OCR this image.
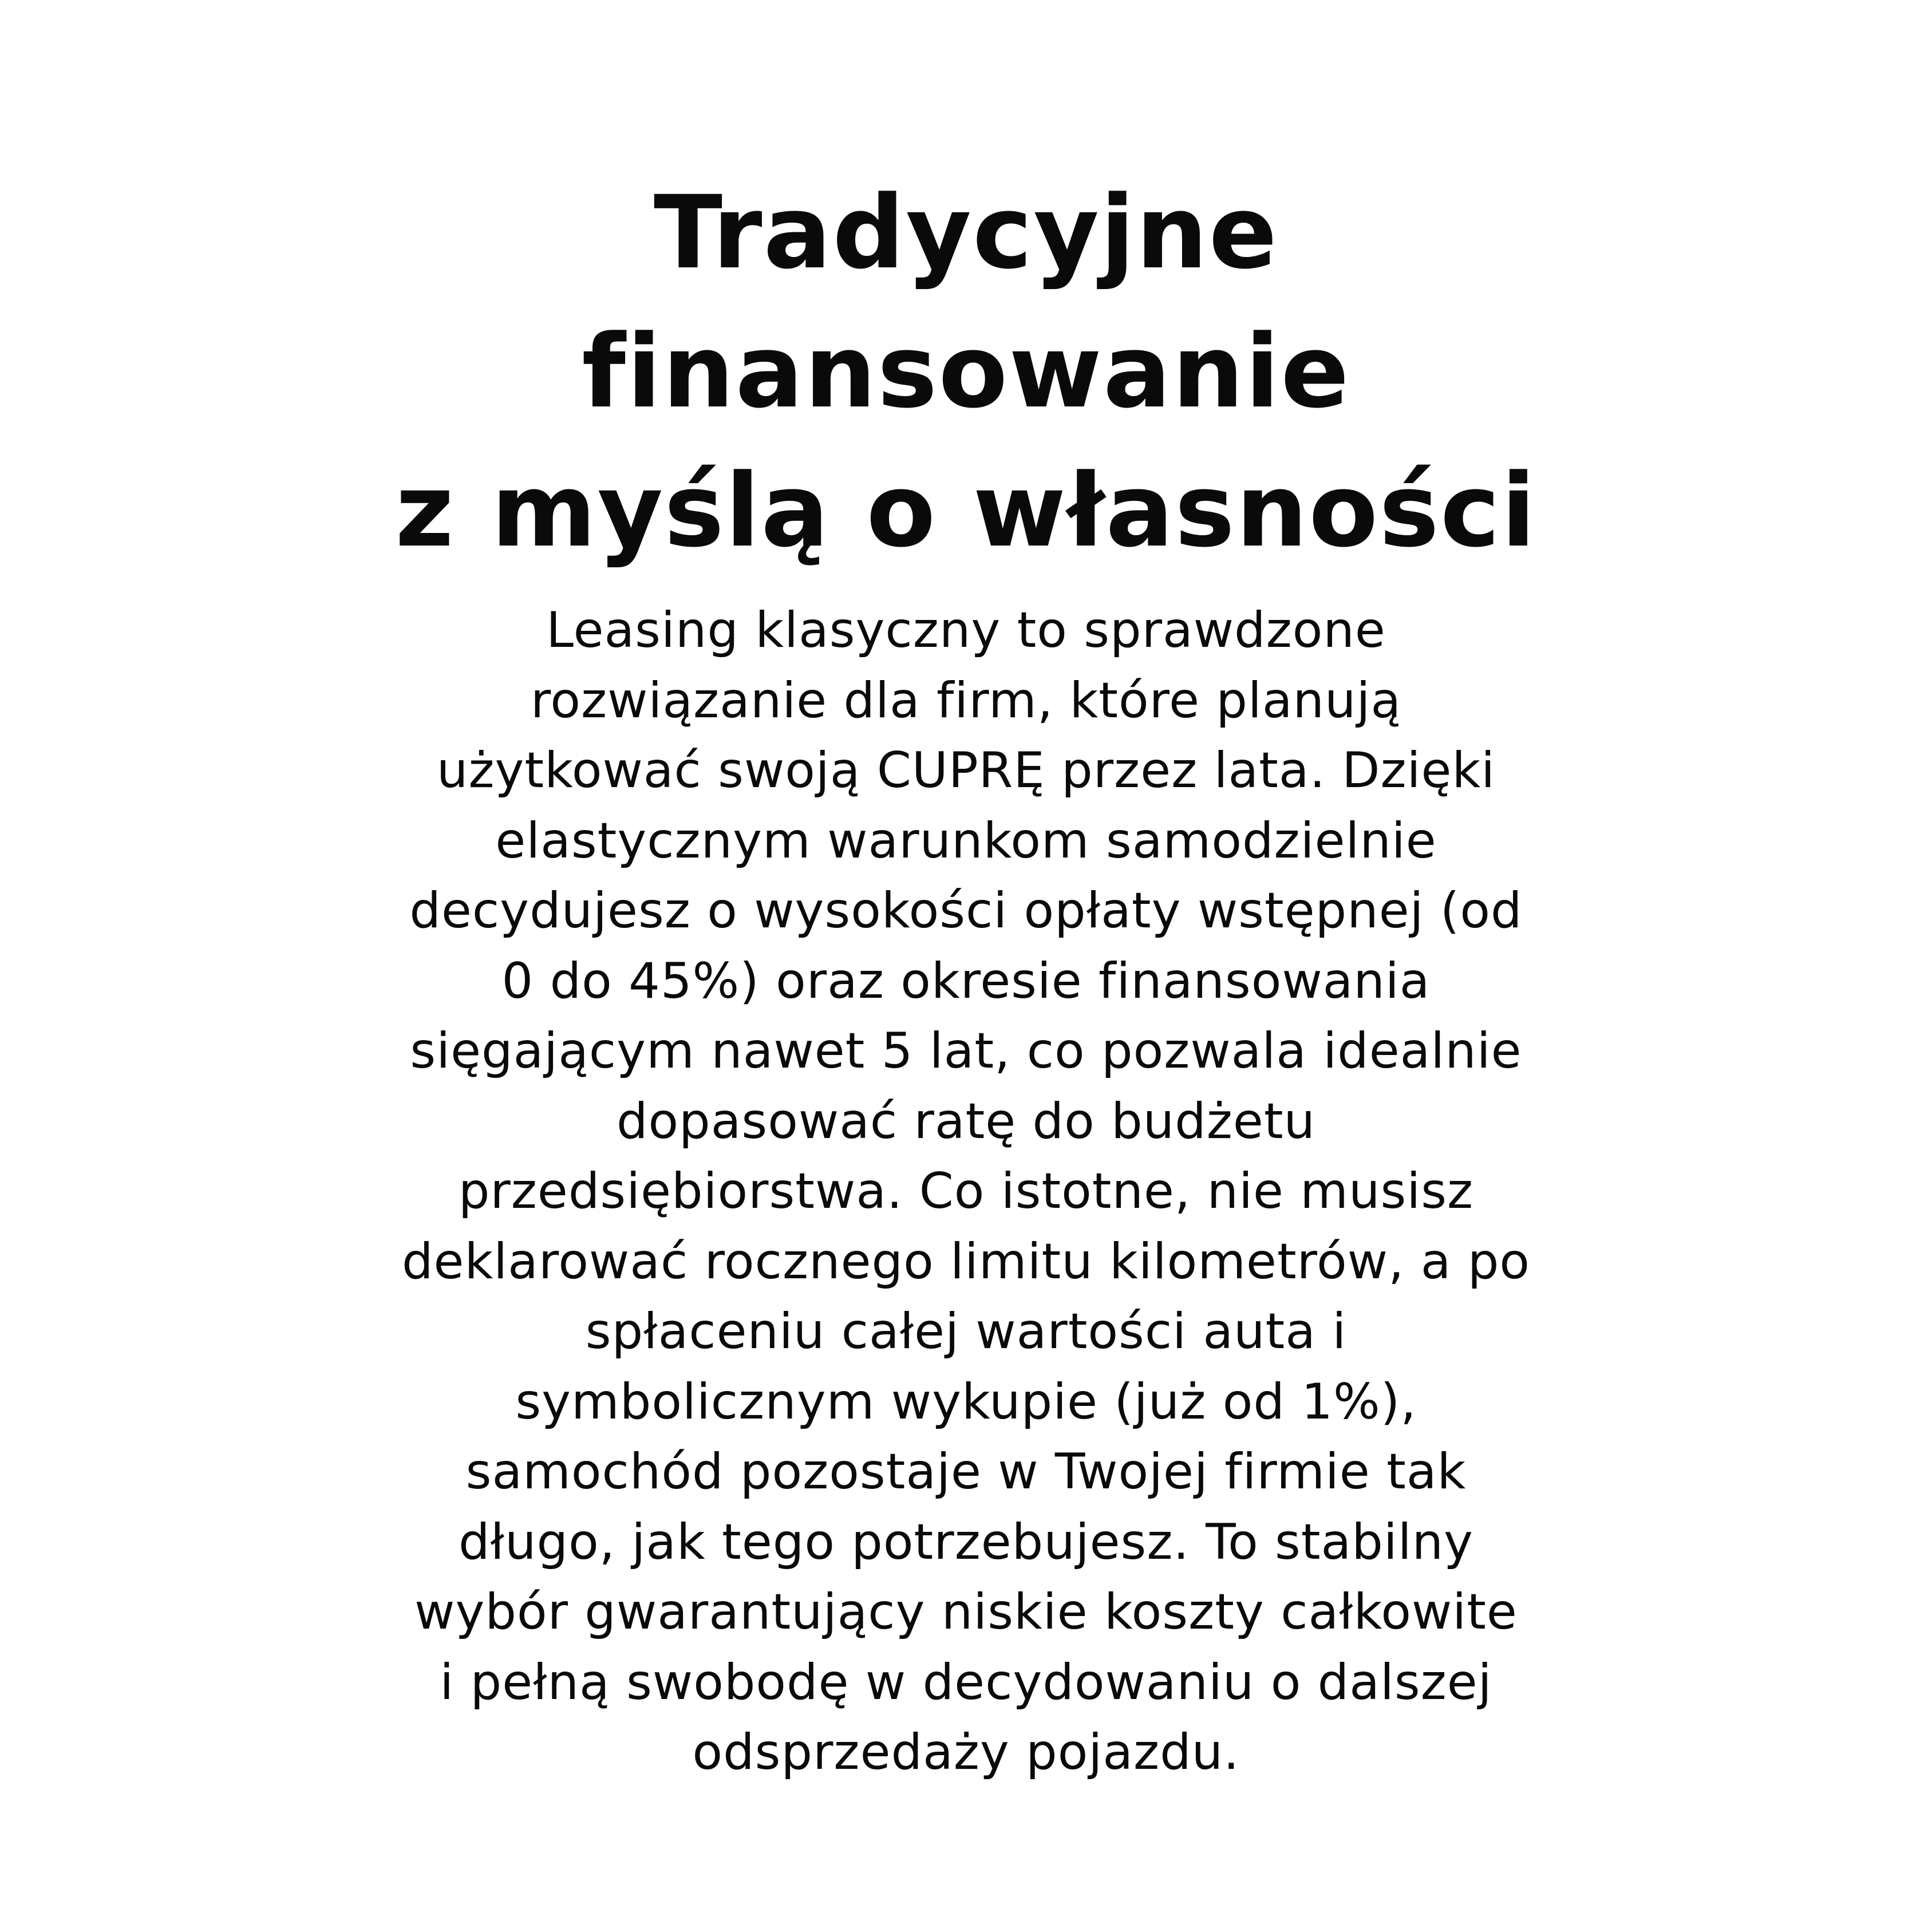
Tradycyjne
finansowanie
z myślą o własności

Leasing klasyczny to sprawdzone
rozwiązanie dla firm, które planują
użytkować swoją CUPRĘ przez lata. Dzięki
elastycznym warunkom samodzielnie
decydujesz o wysokości opłaty wstępnej (od
0 do 45%) oraz okresie finansowania
sięgającym nawet 5 lat, co pozwala idealnie
dopasować ratę do budżetu
przedsiębiorstwa. Co istotne, nie musisz
deklarować rocznego limitu kilometrów, a po
spłaceniu całej wartości auta i
symbolicznym wykupie (już od 1%),
samochód pozostaje w Twojej firmie tak
długo, jak tego potrzebujesz. To stabilny
wybór gwarantujący niskie koszty całkowite
i pełną swobodę w decydowaniu o dalszej
odsprzedaży pojazdu.
